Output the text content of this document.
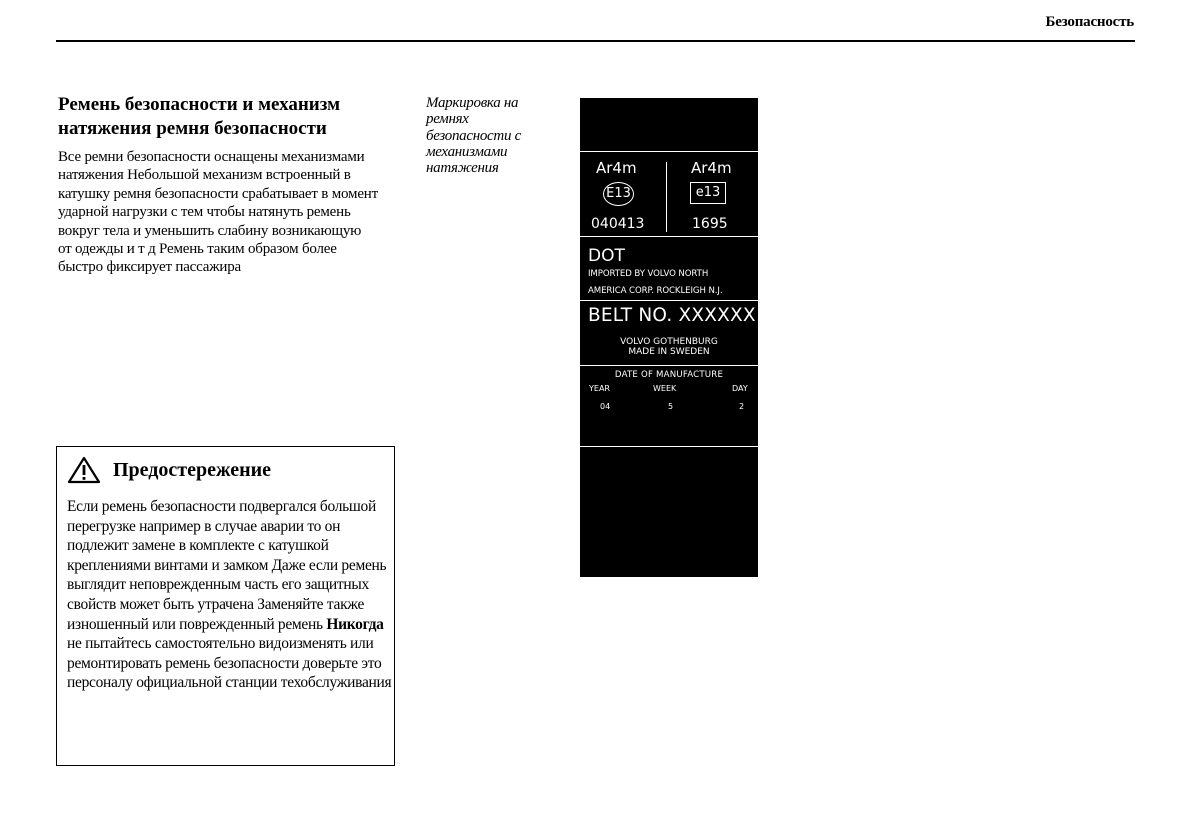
Безопасность
Ремень безопасности и механизм натяжения ремня безопасности

Все ремни безопасности оснащены механизмами натяжения Небольшой механизм встроенный в катушку ремня безопасности срабатывает в момент ударной нагрузки с тем чтобы натянуть ремень вокруг тела и уменьшить слабину возникающую от одежды и т д Ремень таким образом более быстро фиксирует пассажира

Маркировка на ремнях безопасности с механизмами натяжения

Предостережение

Если ремень безопасности подвергался большой перегрузке например в случае аварии то он подлежит замене в комплекте с катушкой креплениями винтами и замком Даже если ремень выглядит неповрежденным часть его защитных свойств может быть утрачена Заменяйте также изношенный или поврежденный ремень Никогда не пытайтесь самостоятельно видоизменять или ремонтировать ремень безопасности доверьте это персоналу официальной станции техобслуживания

Ar4m	Ar4m
E13	e13
040413	1695
DOT
IMPORTED BY VOLVO NORTH
AMERICA CORP. ROCKLEIGH N.J.
BELT NO. XXXXXX
VOLVO GOTHENBURG
MADE IN SWEDEN
DATE OF MANUFACTURE
YEAR	WEEK	DAY
04	5	2
